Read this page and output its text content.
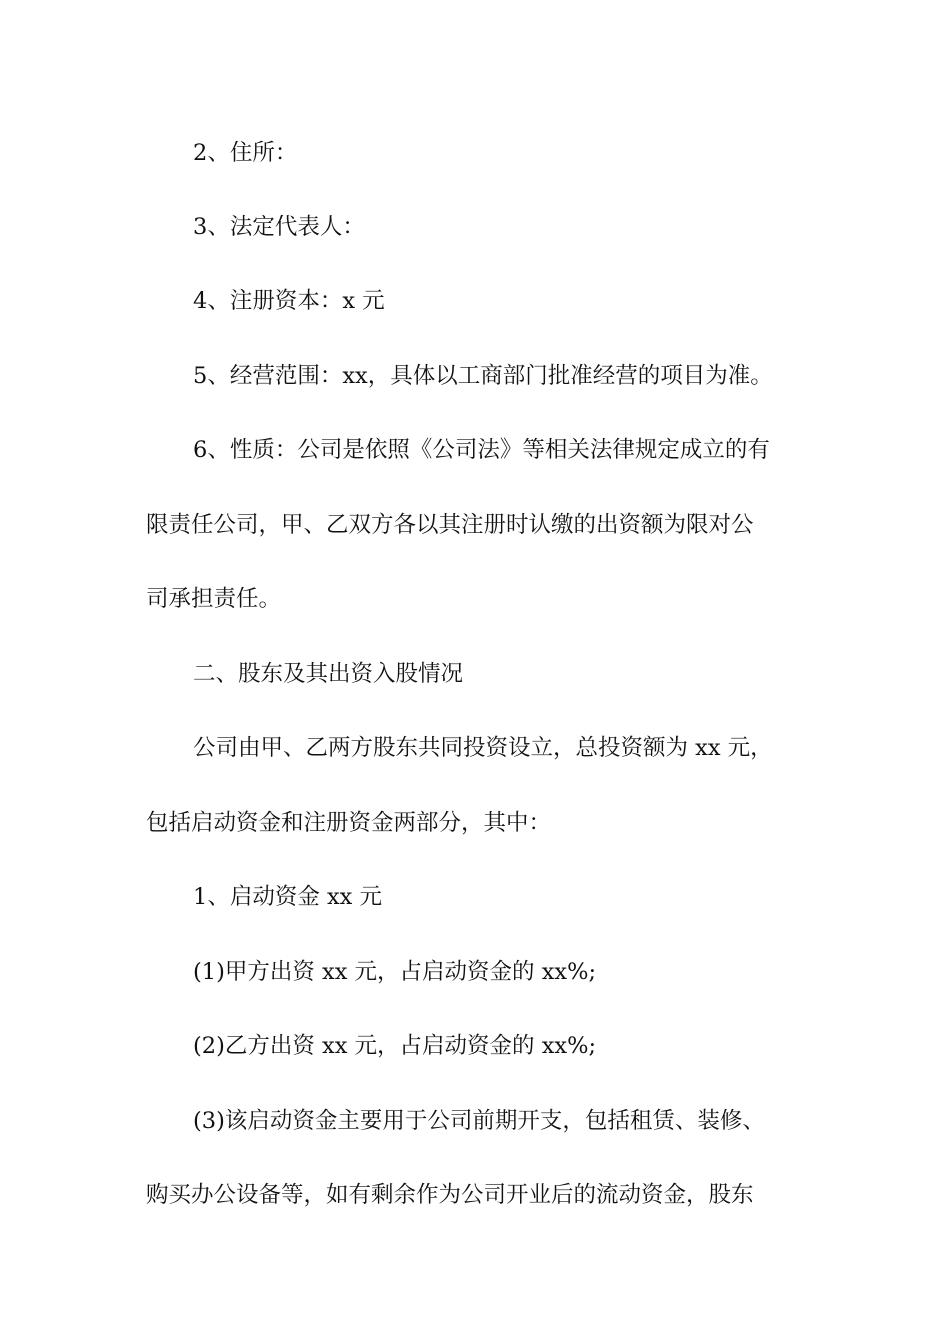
2、住所：

3、法定代表人：

4、注册资本：x 元

5、经营范围：xx，具体以工商部门批准经营的项目为准。

6、性质：公司是依照《公司法》等相关法律规定成立的有

限责任公司，甲、乙双方各以其注册时认缴的出资额为限对公

司承担责任。

二、股东及其出资入股情况

公司由甲、乙两方股东共同投资设立，总投资额为 xx 元，

包括启动资金和注册资金两部分，其中：

1、启动资金 xx 元

(1)甲方出资 xx 元，占启动资金的 xx%;

(2)乙方出资 xx 元，占启动资金的 xx%;

(3)该启动资金主要用于公司前期开支，包括租赁、装修、

购买办公设备等，如有剩余作为公司开业后的流动资金，股东
